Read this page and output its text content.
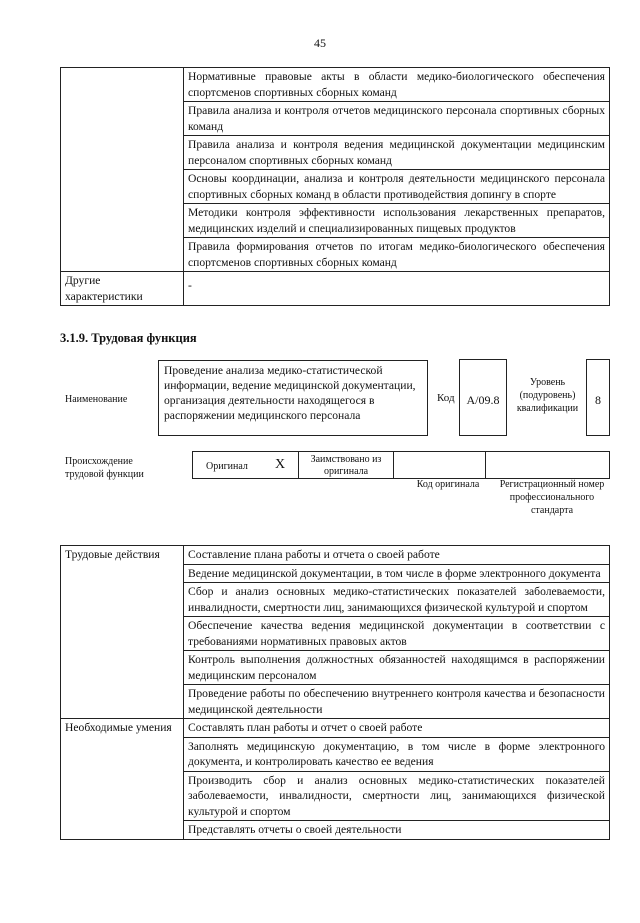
45
	Нормативные правовые акты в области медико-биологического обеспечения спортсменов спортивных сборных команд
	Правила анализа и контроля отчетов медицинского персонала спортивных сборных команд
	Правила анализа и контроля ведения медицинской документации медицинским персоналом спортивных сборных команд
	Основы координации, анализа и контроля деятельности медицинского персонала спортивных сборных команд в области противодействия допингу в спорте
	Методики контроля эффективности использования лекарственных препаратов, медицинских изделий и специализированных пищевых продуктов
	Правила формирования отчетов по итогам медико-биологического обеспечения спортсменов спортивных сборных команд
Другие характеристики	-
3.1.9. Трудовая функция
Наименование
Проведение анализа медико-статистической информации, ведение медицинской документации, организация деятельности находящегося в распоряжении медицинского персонала
Код А/09.8
Уровень (подуровень) квалификации
8
Происхождение трудовой функции
Оригинал X	Заимствовано из оригинала
Код оригинала	Регистрационный номер профессионального стандарта
Трудовые действия	Составление плана работы и отчета о своей работе
	Ведение медицинской документации, в том числе в форме электронного документа
	Сбор и анализ основных медико-статистических показателей заболеваемости, инвалидности, смертности лиц, занимающихся физической культурой и спортом
	Обеспечение качества ведения медицинской документации в соответствии с требованиями нормативных правовых актов
	Контроль выполнения должностных обязанностей находящимся в распоряжении медицинским персоналом
	Проведение работы по обеспечению внутреннего контроля качества и безопасности медицинской деятельности
Необходимые умения	Составлять план работы и отчет о своей работе
	Заполнять медицинскую документацию, в том числе в форме электронного документа, и контролировать качество ее ведения
	Производить сбор и анализ основных медико-статистических показателей заболеваемости, инвалидности, смертности лиц, занимающихся физической культурой и спортом
	Представлять отчеты о своей деятельности
